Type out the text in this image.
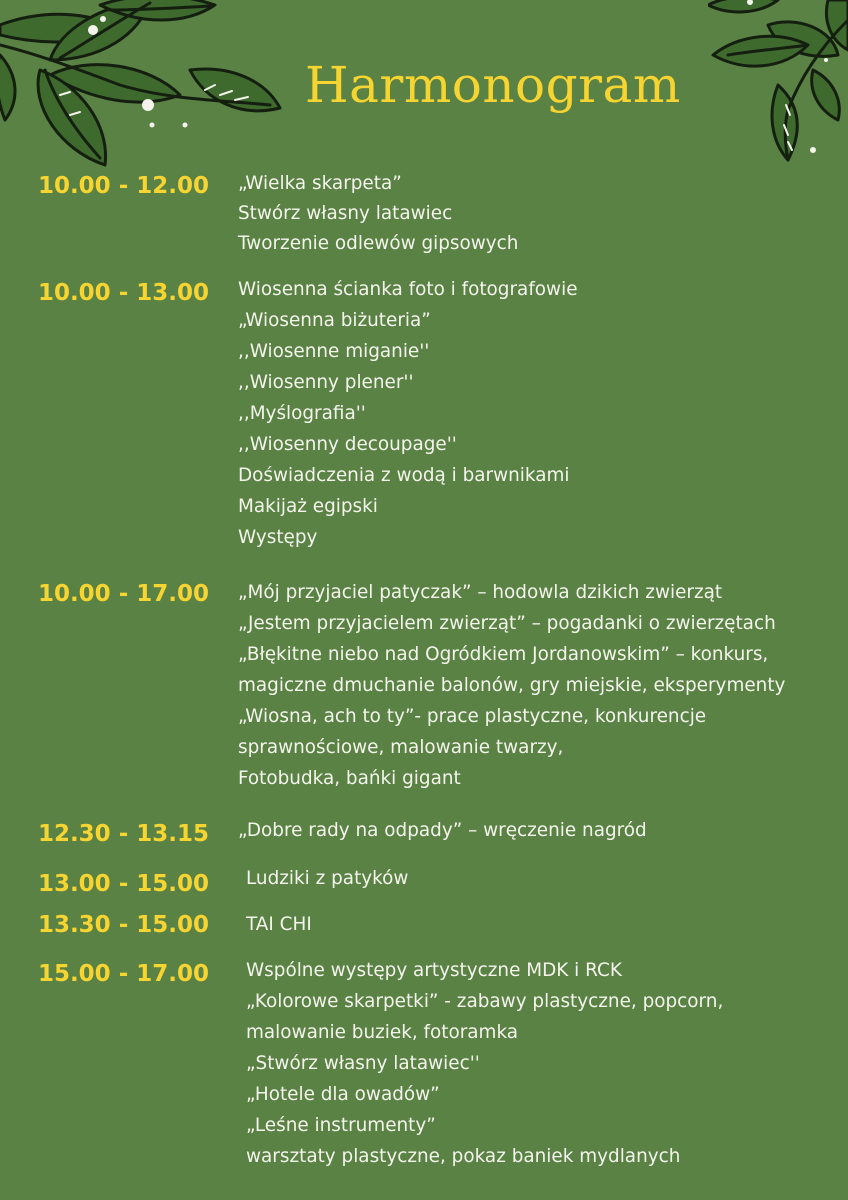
Harmonogram
10.00 - 12.00 „Wielka skarpeta”
Stwórz własny latawiec
Tworzenie odlewów gipsowych
10.00 - 13.00 Wiosenna ścianka foto i fotografowie
„Wiosenna biżuteria”
,,Wiosenne miganie''
,,Wiosenny plener''
,,Myślografia''
,,Wiosenny decoupage''
Doświadczenia z wodą i barwnikami
Makijaż egipski
Występy
10.00 - 17.00 „Mój przyjaciel patyczak” – hodowla dzikich zwierząt
„Jestem przyjacielem zwierząt” – pogadanki o zwierzętach
„Błękitne niebo nad Ogródkiem Jordanowskim” – konkurs,
magiczne dmuchanie balonów, gry miejskie, eksperymenty
„Wiosna, ach to ty”- prace plastyczne, konkurencje
sprawnościowe, malowanie twarzy,
Fotobudka, bańki gigant
12.30 - 13.15 „Dobre rady na odpady” – wręczenie nagród
13.00 - 15.00 Ludziki z patyków
13.30 - 15.00 TAI CHI
15.00 - 17.00 Wspólne występy artystyczne MDK i RCK
„Kolorowe skarpetki” - zabawy plastyczne, popcorn,
malowanie buziek, fotoramka
„Stwórz własny latawiec''
„Hotele dla owadów”
„Leśne instrumenty”
warsztaty plastyczne, pokaz baniek mydlanych
